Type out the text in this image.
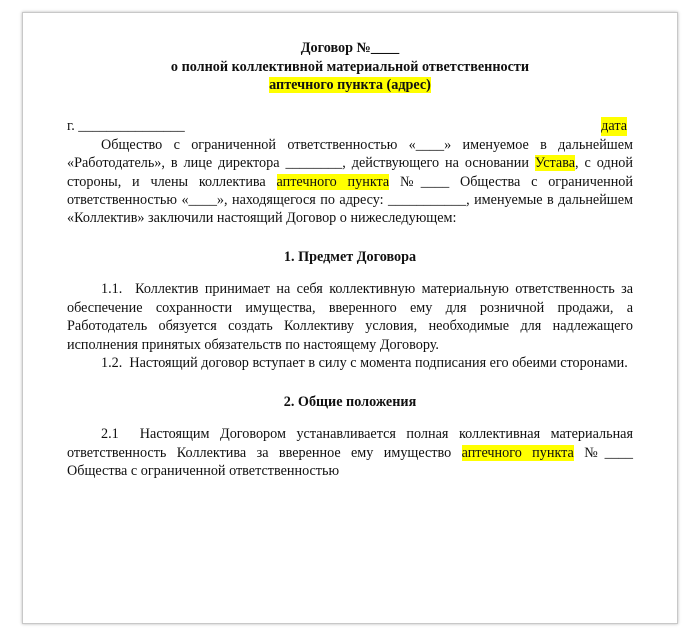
Договор №____
о полной коллективной материальной ответственности
аптечного пункта (адрес)
г. _______________	дата

Общество с ограниченной ответственностью «____» именуемое в дальнейшем «Работодатель», в лице директора ________, действующего на основании Устава, с одной стороны, и члены коллектива аптечного пункта №____ Общества с ограниченной ответственностью «____», находящегося по адресу: ___________, именуемые в дальнейшем «Коллектив» заключили настоящий Договор о нижеследующем:

1. Предмет Договора

1.1. Коллектив принимает на себя коллективную материальную ответственность за обеспечение сохранности имущества, вверенного ему для розничной продажи, а Работодатель обязуется создать Коллективу условия, необходимые для надлежащего исполнения принятых обязательств по настоящему Договору.

1.2. Настоящий договор вступает в силу с момента подписания его обеими сторонами.

2. Общие положения

2.1 Настоящим Договором устанавливается полная коллективная материальная ответственность Коллектива за вверенное ему имущество аптечного пункта №____ Общества с ограниченной ответственностью
